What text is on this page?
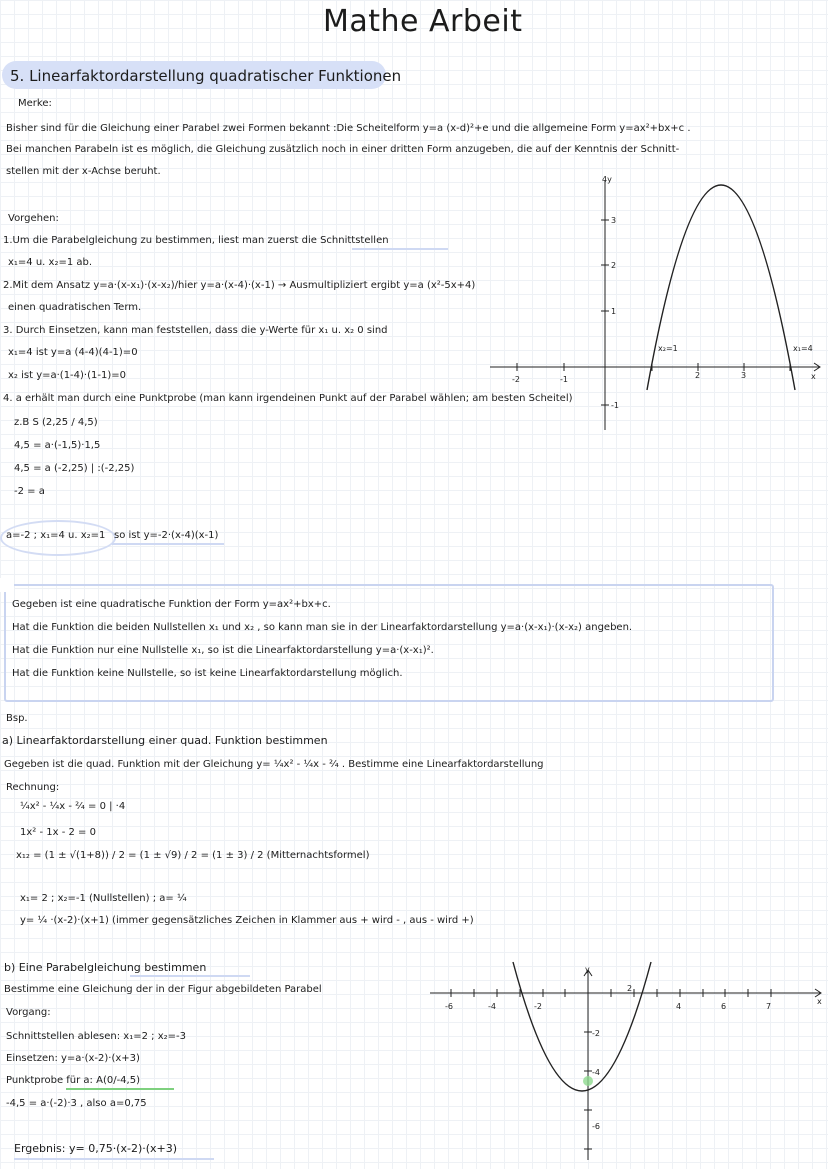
Mathe Arbeit
5. Linearfaktordarstellung quadratischer Funktionen
Merke:
Bisher sind für die Gleichung einer Parabel zwei Formen bekannt :Die Scheitelform y=a (x-d)²+e und die allgemeine Form y=ax²+bx+c .
Bei manchen Parabeln ist es möglich, die Gleichung zusätzlich noch in einer dritten Form anzugeben, die auf der Kenntnis der Schnitt-
stellen mit der x-Achse beruht.
Vorgehen:
1.Um die Parabelgleichung zu bestimmen, liest man zuerst die Schnittstellen
x₁=4 u. x₂=1 ab.
2.Mit dem Ansatz y=a·(x-x₁)·(x-x₂)/hier y=a·(x-4)·(x-1) → Ausmultipliziert ergibt y=a (x²-5x+4)
einen quadratischen Term.
3. Durch Einsetzen, kann man feststellen, dass die y-Werte für x₁ u. x₂ 0 sind
x₁=4 ist y=a (4-4)(4-1)=0
x₂ ist y=a·(1-4)·(1-1)=0
4. a erhält man durch eine Punktprobe (man kann irgendeinen Punkt auf der Parabel wählen; am besten Scheitel)
z.B S (2,25 / 4,5)
4,5 = a·(-1,5)·1,5
4,5 = a (-2,25) | :(-2,25)
-2 = a
a=-2 ; x₁=4 u. x₂=1 so ist y=-2·(x-4)(x-1)
4y
3
2
1
-1
-2	-1	2	3
x₂=1	x₁=4
x
Gegeben ist eine quadratische Funktion der Form y=ax²+bx+c.
Hat die Funktion die beiden Nullstellen x₁ und x₂ , so kann man sie in der Linearfaktordarstellung y=a·(x-x₁)·(x-x₂) angeben.
Hat die Funktion nur eine Nullstelle x₁, so ist die Linearfaktordarstellung y=a·(x-x₁)².
Hat die Funktion keine Nullstelle, so ist keine Linearfaktordarstellung möglich.
Bsp.
a) Linearfaktordarstellung einer quad. Funktion bestimmen
Gegeben ist die quad. Funktion mit der Gleichung y= ¼x² - ¼x - ²⁄₄ . Bestimme eine Linearfaktordarstellung
Rechnung:
¼x² - ¼x - ²⁄₄ = 0 | ·4
1x² - 1x - 2 = 0
x₁₂ = (1 ± √(1+8)) / 2 = (1 ± √9) / 2 = (1 ± 3) / 2 (Mitternachtsformel)
x₁= 2 ; x₂=-1 (Nullstellen) ; a= ¼
y= ¼ ·(x-2)·(x+1) (immer gegensätzliches Zeichen in Klammer aus + wird - , aus - wird +)
b) Eine Parabelgleichung bestimmen
Bestimme eine Gleichung der in der Figur abgebildeten Parabel
Vorgang:
Schnittstellen ablesen: x₁=2 ; x₂=-3
Einsetzen: y=a·(x-2)·(x+3)
Punktprobe für a: A(0/-4,5)
-4,5 = a·(-2)·3 , also a=0,75
Ergebnis: y= 0,75·(x-2)·(x+3)
y
x
-6	-4	-2
2
4	6	7
-2
-4
-6
